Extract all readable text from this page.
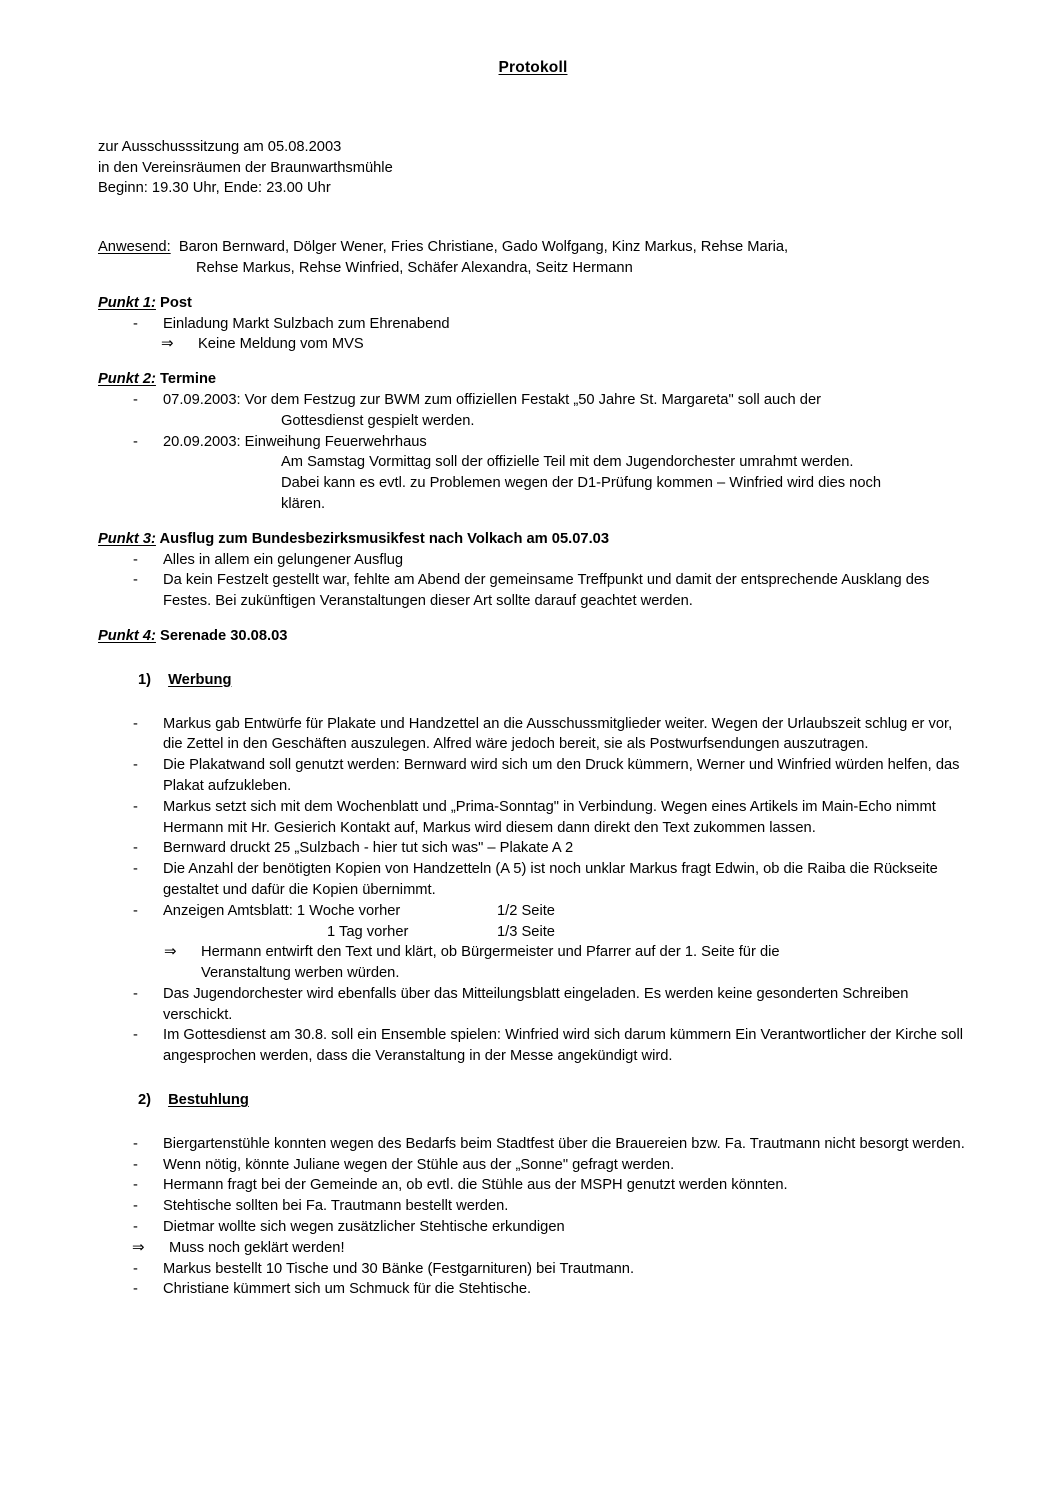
Protokoll
zur Ausschusssitzung am 05.08.2003
in den Vereinsräumen der Braunwarthsmühle
Beginn: 19.30 Uhr, Ende: 23.00 Uhr
Anwesend: Baron Bernward, Dölger Wener, Fries Christiane, Gado Wolfgang, Kinz Markus, Rehse Maria,
Rehse Markus, Rehse Winfried, Schäfer Alexandra, Seitz Hermann
Punkt 1: Post
- Einladung Markt Sulzbach zum Ehrenabend
⇒ Keine Meldung vom MVS
Punkt 2: Termine
- 07.09.2003: Vor dem Festzug zur BWM zum offiziellen Festakt „50 Jahre St. Margareta" soll auch der
Gottesdienst gespielt werden.
- 20.09.2003: Einweihung Feuerwehrhaus
Am Samstag Vormittag soll der offizielle Teil mit dem Jugendorchester umrahmt werden.
Dabei kann es evtl. zu Problemen wegen der D1-Prüfung kommen – Winfried wird dies noch
klären.
Punkt 3: Ausflug zum Bundesbezirksmusikfest nach Volkach am 05.07.03
- Alles in allem ein gelungener Ausflug
- Da kein Festzelt gestellt war, fehlte am Abend der gemeinsame Treffpunkt und damit der entsprechende Ausklang des Festes. Bei zukünftigen Veranstaltungen dieser Art sollte darauf geachtet werden.
Punkt 4: Serenade 30.08.03
1) Werbung
- Markus gab Entwürfe für Plakate und Handzettel an die Ausschussmitglieder weiter. Wegen der Urlaubszeit schlug er vor, die Zettel in den Geschäften auszulegen. Alfred wäre jedoch bereit, sie als Postwurfsendungen auszutragen.
- Die Plakatwand soll genutzt werden: Bernward wird sich um den Druck kümmern, Werner und Winfried würden helfen, das Plakat aufzukleben.
- Markus setzt sich mit dem Wochenblatt und „Prima-Sonntag" in Verbindung. Wegen eines Artikels im Main-Echo nimmt Hermann mit Hr. Gesierich Kontakt auf, Markus wird diesem dann direkt den Text zukommen lassen.
- Bernward druckt 25 „Sulzbach - hier tut sich was" – Plakate A 2
- Die Anzahl der benötigten Kopien von Handzetteln (A 5) ist noch unklar Markus fragt Edwin, ob die Raiba die Rückseite gestaltet und dafür die Kopien übernimmt.
- Anzeigen Amtsblatt: 1 Woche vorher	1/2 Seite
1 Tag vorher	1/3 Seite
⇒ Hermann entwirft den Text und klärt, ob Bürgermeister und Pfarrer auf der 1. Seite für die
Veranstaltung werben würden.
- Das Jugendorchester wird ebenfalls über das Mitteilungsblatt eingeladen. Es werden keine gesonderten Schreiben verschickt.
- Im Gottesdienst am 30.8. soll ein Ensemble spielen: Winfried wird sich darum kümmern Ein Verantwortlicher der Kirche soll angesprochen werden, dass die Veranstaltung in der Messe angekündigt wird.
2) Bestuhlung
- Biergartenstühle konnten wegen des Bedarfs beim Stadtfest über die Brauereien bzw. Fa. Trautmann nicht besorgt werden.
- Wenn nötig, könnte Juliane wegen der Stühle aus der „Sonne" gefragt werden.
- Hermann fragt bei der Gemeinde an, ob evtl. die Stühle aus der MSPH genutzt werden könnten.
- Stehtische sollten bei Fa. Trautmann bestellt werden.
- Dietmar wollte sich wegen zusätzlicher Stehtische erkundigen
⇒ Muss noch geklärt werden!
- Markus bestellt 10 Tische und 30 Bänke (Festgarnituren) bei Trautmann.
- Christiane kümmert sich um Schmuck für die Stehtische.
